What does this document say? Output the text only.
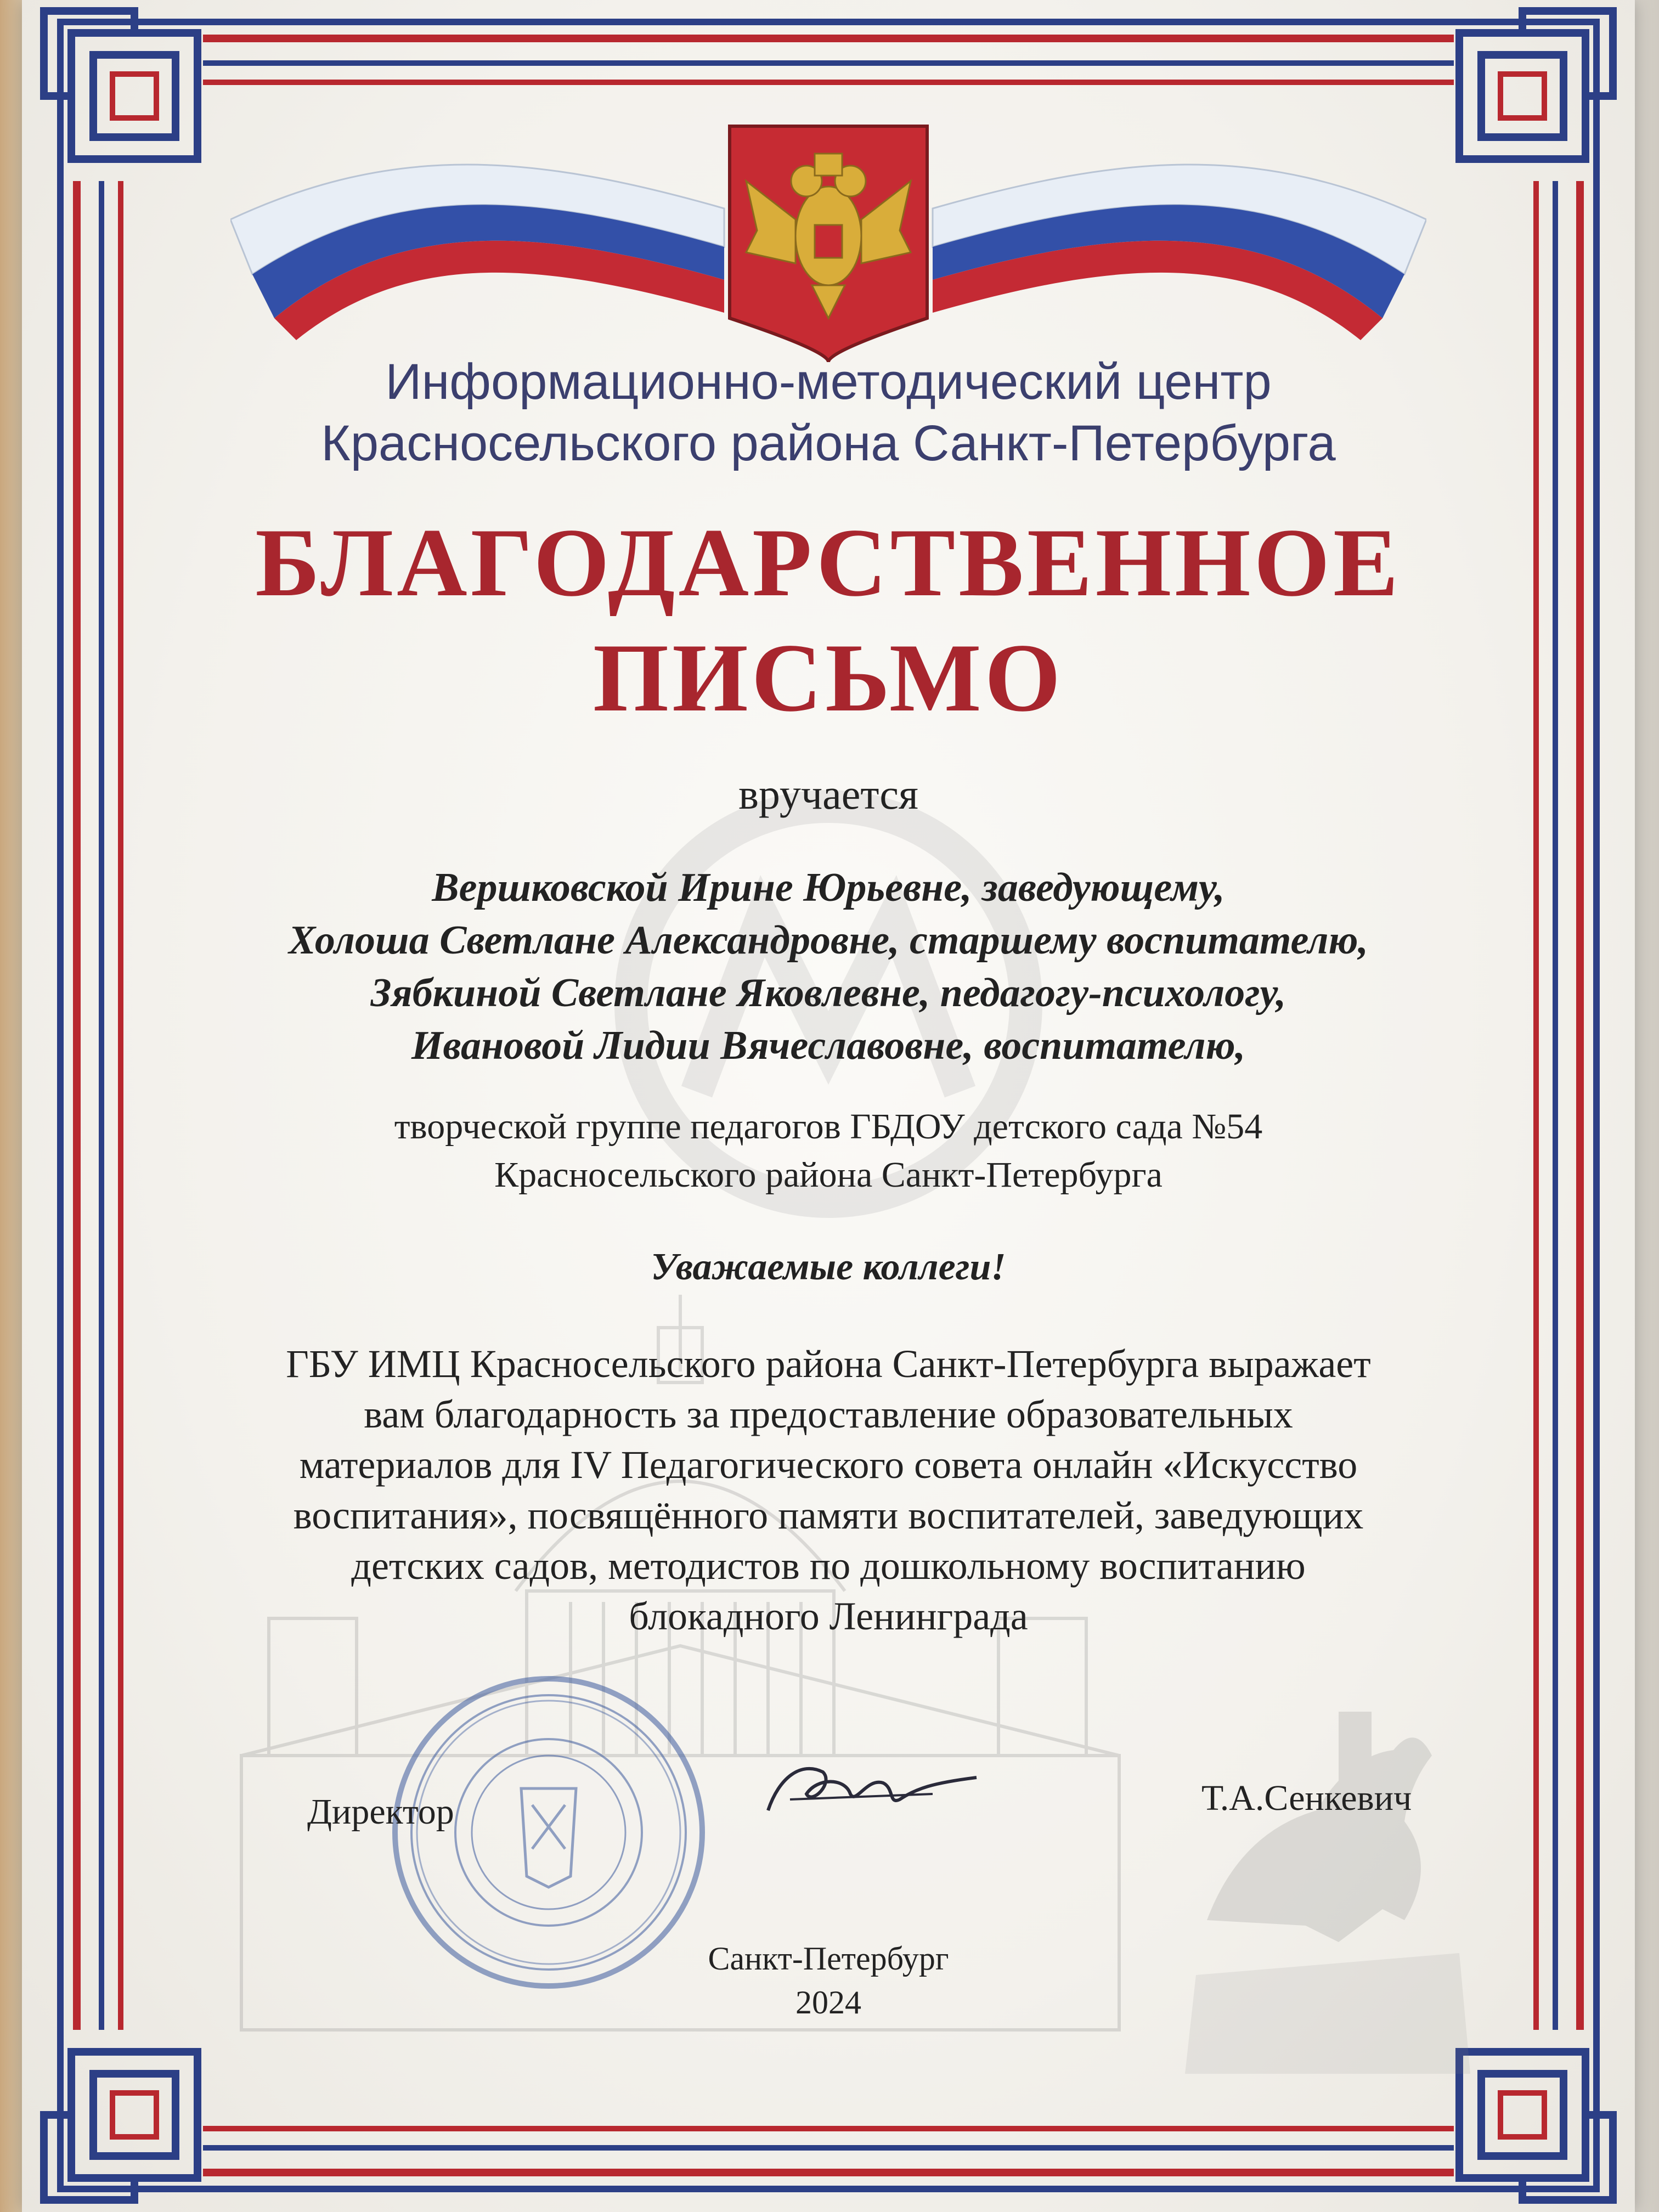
Информационно-методический центр
Красносельского района Санкт-Петербурга
БЛАГОДАРСТВЕННОЕ
ПИСЬМО
вручается
Вершковской Ирине Юрьевне, заведующему,
Холоша Светлане Александровне, старшему воспитателю,
Зябкиной Светлане Яковлевне, педагогу-психологу,
Ивановой Лидии Вячеславовне, воспитателю,
творческой группе педагогов ГБДОУ детского сада №54
Красносельского района Санкт-Петербурга
Уважаемые коллеги!
ГБУ ИМЦ Красносельского района Санкт-Петербурга выражает
вам благодарность за предоставление образовательных
материалов для IV Педагогического совета онлайн «Искусство
воспитания», посвящённого памяти воспитателей, заведующих
детских садов, методистов по дошкольному воспитанию
блокадного Ленинграда
Директор	Т.А.Сенкевич
Санкт-Петербург
2024
